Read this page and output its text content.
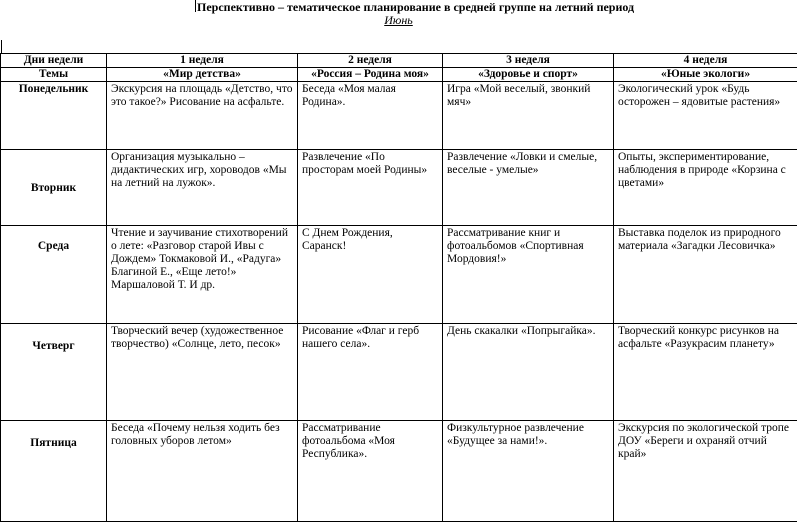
Перспективно – тематическое планирование в средней группе на летний период
Июнь
Дни недели	1 неделя	2 неделя	3 неделя	4 неделя
Темы	«Мир детства»	«Россия – Родина моя»	«Здоровье и спорт»	«Юные экологи»
Понедельник	Экскурсия на площадь «Детство, что это такое?» Рисование на асфальте.	Беседа «Моя малая Родина».	Игра «Мой веселый, звонкий мяч»	Экологический урок «Будь осторожен – ядовитые растения»
Вторник	Организация музыкально – дидактических игр, хороводов «Мы на летний на лужок».	Развлечение «По просторам моей Родины»	Развлечение «Ловки и смелые, веселые - умелые»	Опыты, экспериментирование, наблюдения в природе «Корзина с цветами»
Среда	Чтение и заучивание стихотворений о лете: «Разговор старой Ивы с Дождем» Токмаковой И., «Радуга» Благиной Е., «Еще лето!» Маршаловой Т. И др.	С Днем Рождения, Саранск!	Рассматривание книг и фотоальбомов «Спортивная Мордовия!»	Выставка поделок из природного материала «Загадки Лесовичка»
Четверг	Творческий вечер (художественное творчество) «Солнце, лето, песок»	Рисование «Флаг и герб нашего села».	День скакалки «Попрыгайка».	Творческий конкурс рисунков на асфальте «Разукрасим планету»
Пятница	Беседа «Почему нельзя ходить без головных уборов летом»	Рассматривание фотоальбома «Моя Республика».	Физкультурное развлечение «Будущее за нами!».	Экскурсия по экологической тропе ДОУ «Береги и охраняй отчий край»
